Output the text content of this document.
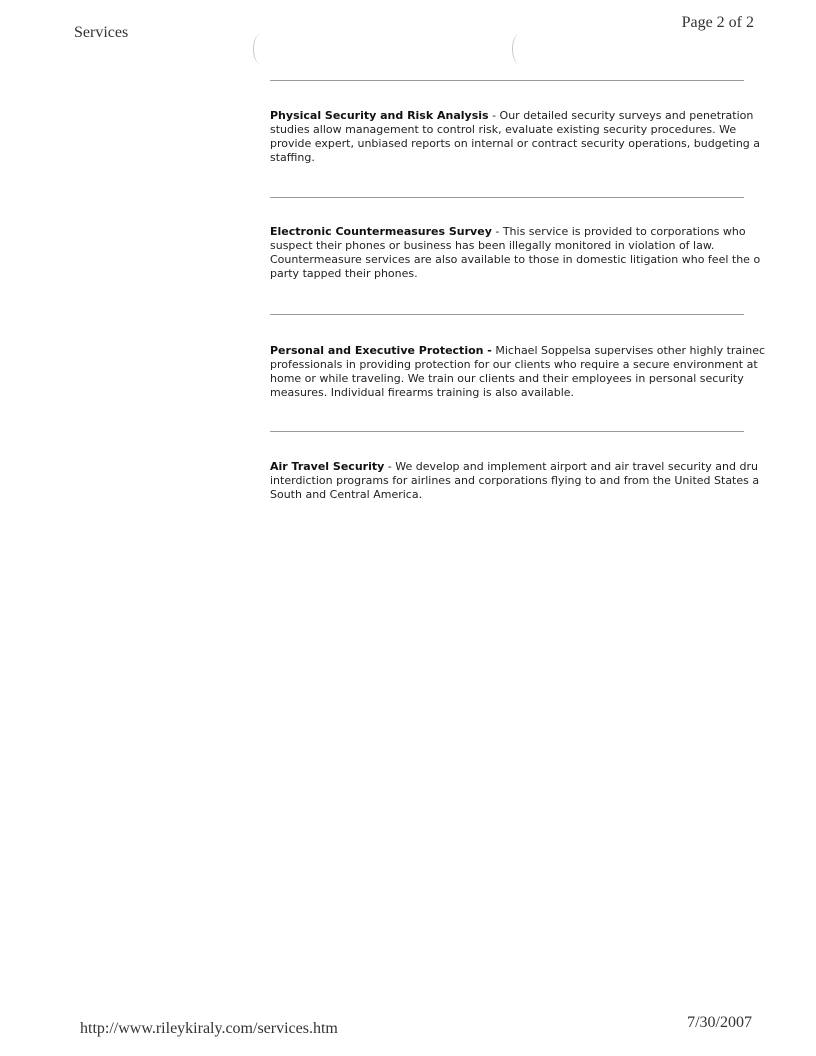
Services
Page 2 of 2
Physical Security and Risk Analysis - Our detailed security surveys and penetration
studies allow management to control risk, evaluate existing security procedures. We
provide expert, unbiased reports on internal or contract security operations, budgeting a
staffing.
Electronic Countermeasures Survey - This service is provided to corporations who
suspect their phones or business has been illegally monitored in violation of law.
Countermeasure services are also available to those in domestic litigation who feel the o
party tapped their phones.
Personal and Executive Protection - Michael Soppelsa supervises other highly trainec
professionals in providing protection for our clients who require a secure environment at
home or while traveling. We train our clients and their employees in personal security
measures. Individual firearms training is also available.
Air Travel Security - We develop and implement airport and air travel security and dru
interdiction programs for airlines and corporations flying to and from the United States a
South and Central America.
http://www.rileykiraly.com/services.htm	7/30/2007
